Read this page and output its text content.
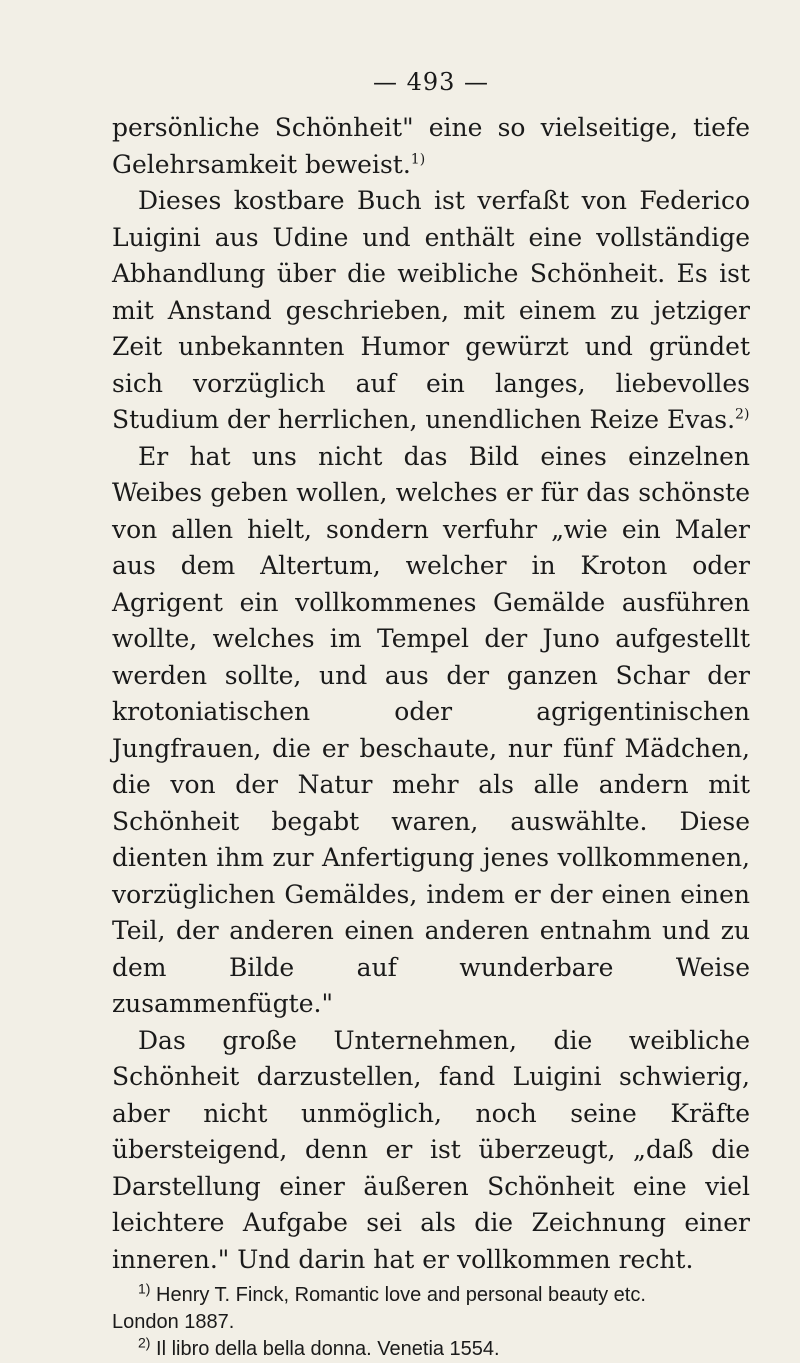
— 493 —

persönliche Schönheit" eine so vielseitige, tiefe Gelehrsamkeit beweist.$^{1)}$

Dieses kostbare Buch ist verfaßt von Federico Luigini aus Udine und enthält eine vollständige Abhandlung über die weibliche Schönheit. Es ist mit Anstand geschrieben, mit einem zu jetziger Zeit unbekannten Humor gewürzt und gründet sich vorzüglich auf ein langes, liebevolles Studium der herrlichen, unendlichen Reize Evas.$^{2)}$

Er hat uns nicht das Bild eines einzelnen Weibes geben wollen, welches er für das schönste von allen hielt, sondern verfuhr „wie ein Maler aus dem Altertum, welcher in Kroton oder Agrigent ein vollkommenes Gemälde ausführen wollte, welches im Tempel der Juno aufgestellt werden sollte, und aus der ganzen Schar der krotoniatischen oder agrigentinischen Jungfrauen, die er beschaute, nur fünf Mädchen, die von der Natur mehr als alle andern mit Schönheit begabt waren, auswählte. Diese dienten ihm zur Anfertigung jenes vollkommenen, vorzüglichen Gemäldes, indem er der einen einen Teil, der anderen einen anderen entnahm und zu dem Bilde auf wunderbare Weise zusammenfügte."

Das große Unternehmen, die weibliche Schönheit darzustellen, fand Luigini schwierig, aber nicht unmöglich, noch seine Kräfte übersteigend, denn er ist überzeugt, „daß die Darstellung einer äußeren Schönheit eine viel leichtere Aufgabe sei als die Zeichnung einer inneren." Und darin hat er vollkommen recht.

$^{1)}$ Henry T. Finck, Romantic love and personal beauty etc.
London 1887.

$^{2)}$ Il libro della bella donna. Venetia 1554.
